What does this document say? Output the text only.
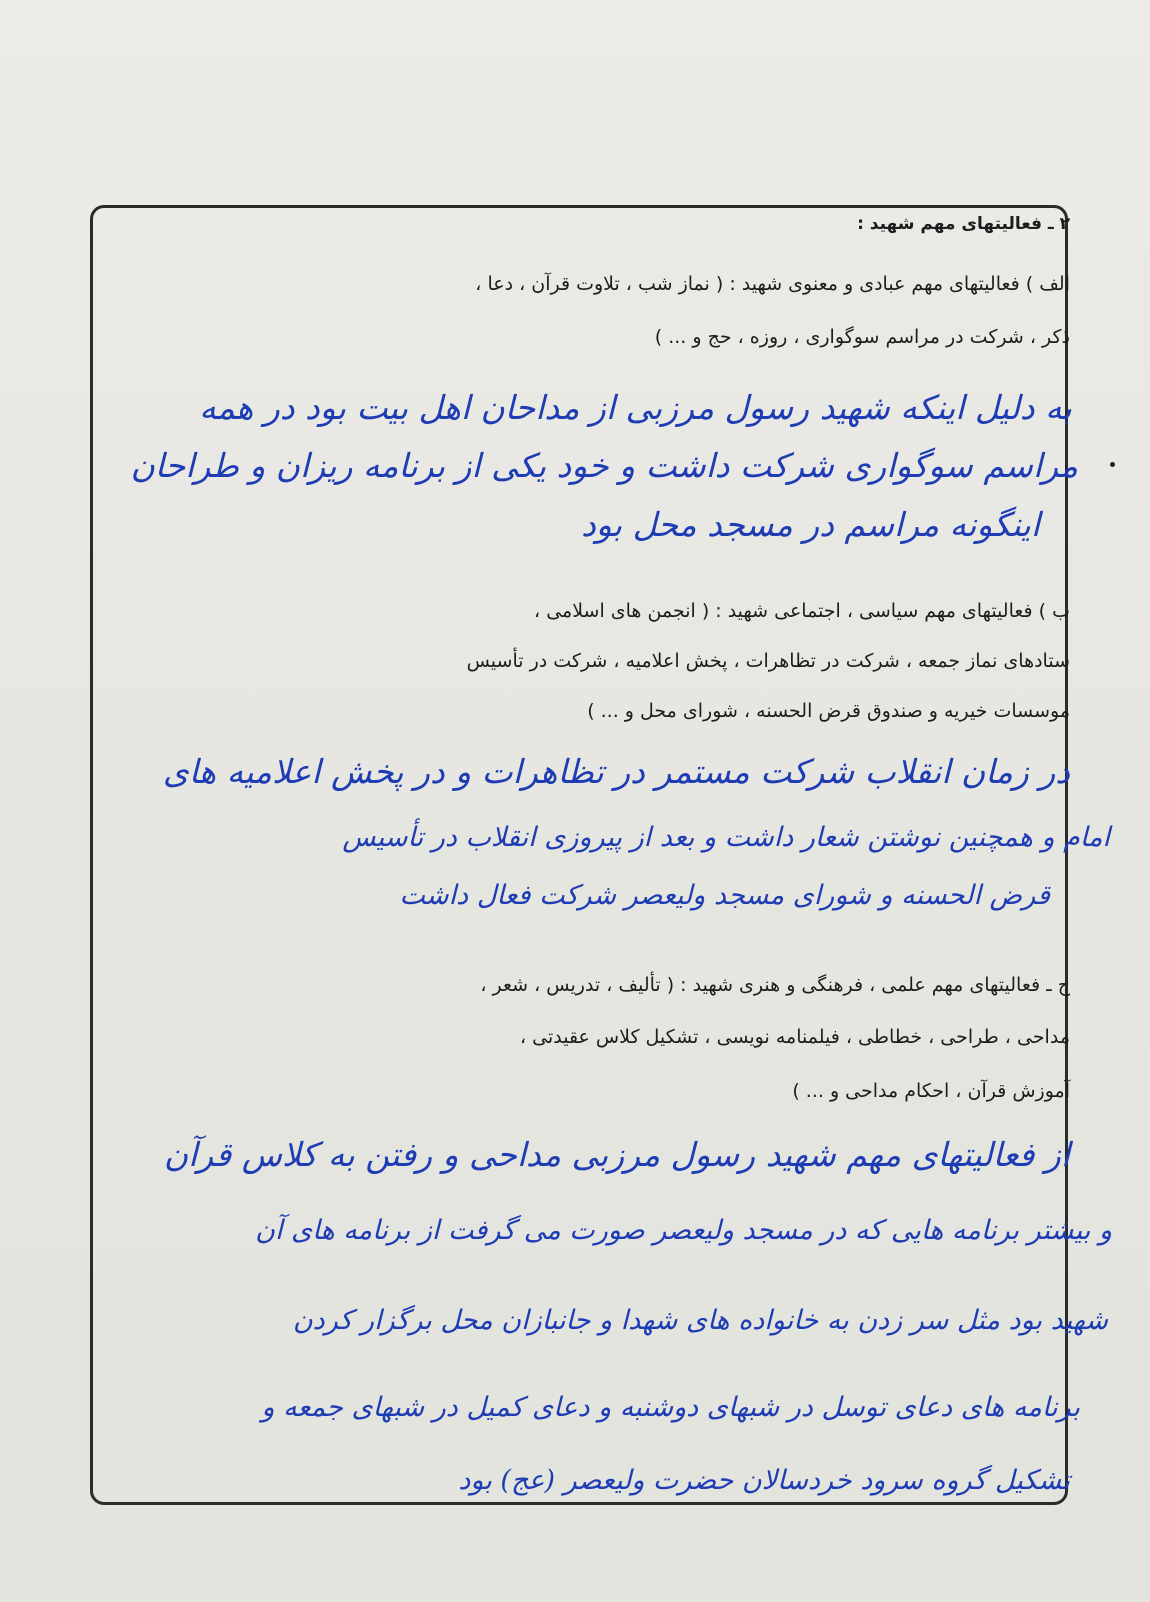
۲ ـ فعالیتهای مهم شهید :
الف ) فعالیتهای مهم عبادی و معنوی شهید : ( نماز شب ، تلاوت قرآن ، دعا ،
ذکر ، شرکت در مراسم سوگواری ، روزه ، حج و ... )
به دلیل اینکه شهید رسول مرزبی از مداحان اهل بیت بود در همه
مراسم سوگواری شرکت داشت و خود یکی از برنامه ریزان و طراحان
اینگونه مراسم در مسجد محل بود
ب ) فعالیتهای مهم سیاسی ، اجتماعی شهید : ( انجمن های اسلامی ،
ستادهای نماز جمعه ، شرکت در تظاهرات ، پخش اعلامیه ، شرکت در تأسیس
موسسات خیریه و صندوق قرض الحسنه ، شورای محل و ... )
در زمان انقلاب شرکت مستمر در تظاهرات و در پخش اعلامیه های
امام و همچنین نوشتن شعار داشت و بعد از پیروزی انقلاب در تأسیس
قرض الحسنه و شورای مسجد ولیعصر شرکت فعال داشت
ج ـ فعالیتهای مهم علمی ، فرهنگی و هنری شهید : ( تألیف ، تدریس ، شعر ،
مداحی ، طراحی ، خطاطی ، فیلمنامه نویسی ، تشکیل کلاس عقیدتی ،
آموزش قرآن ، احکام مداحی و ... )
از فعالیتهای مهم شهید رسول مرزبی مداحی و رفتن به کلاس قرآن
و بیشتر برنامه هایی که در مسجد ولیعصر صورت می گرفت از برنامه های آن
شهید بود مثل سر زدن به خانواده های شهدا و جانبازان محل برگزار کردن
برنامه های دعای توسل در شبهای دوشنبه و دعای کمیل در شبهای جمعه و
تشکیل گروه سرود خردسالان حضرت ولیعصر (عج) بود
